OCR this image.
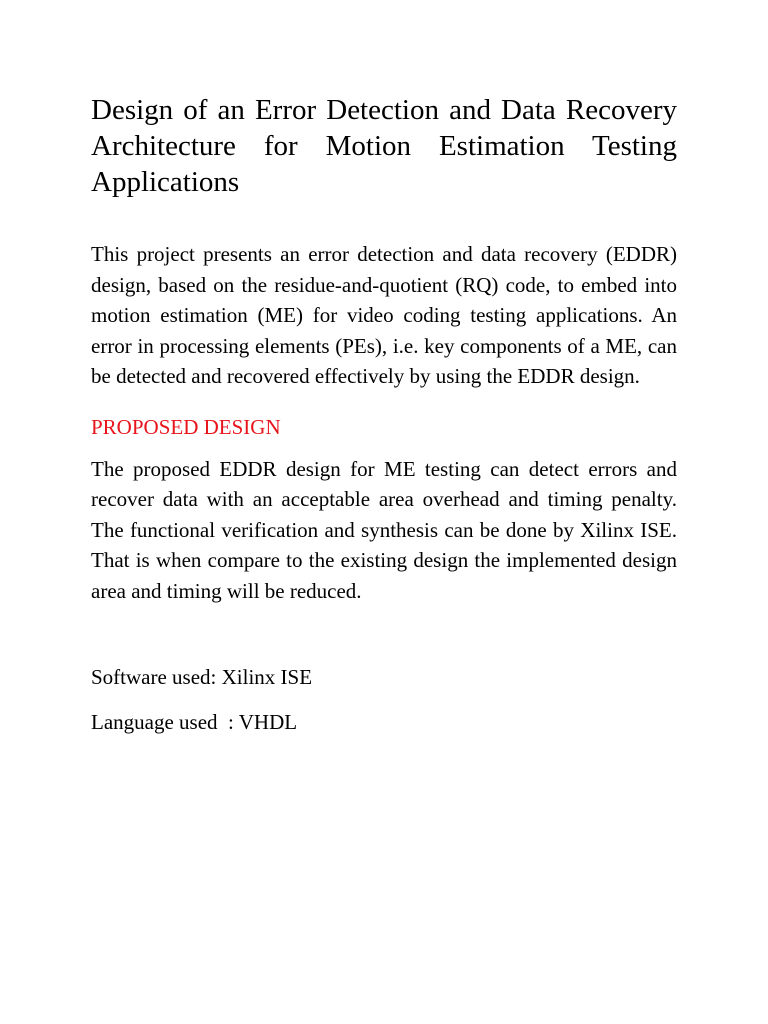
Design of an Error Detection and Data Recovery Architecture for Motion Estimation Testing Applications

This project presents an error detection and data recovery (EDDR) design, based on the residue-and-quotient (RQ) code, to embed into motion estimation (ME) for video coding testing applications. An error in processing elements (PEs), i.e. key components of a ME, can be detected and recovered effectively by using the EDDR design.

PROPOSED DESIGN

The proposed EDDR design for ME testing can detect errors and recover data with an acceptable area overhead and timing penalty. The functional verification and synthesis can be done by Xilinx ISE. That is when compare to the existing design the implemented design area and timing will be reduced.

Software used: Xilinx ISE

Language used  : VHDL
